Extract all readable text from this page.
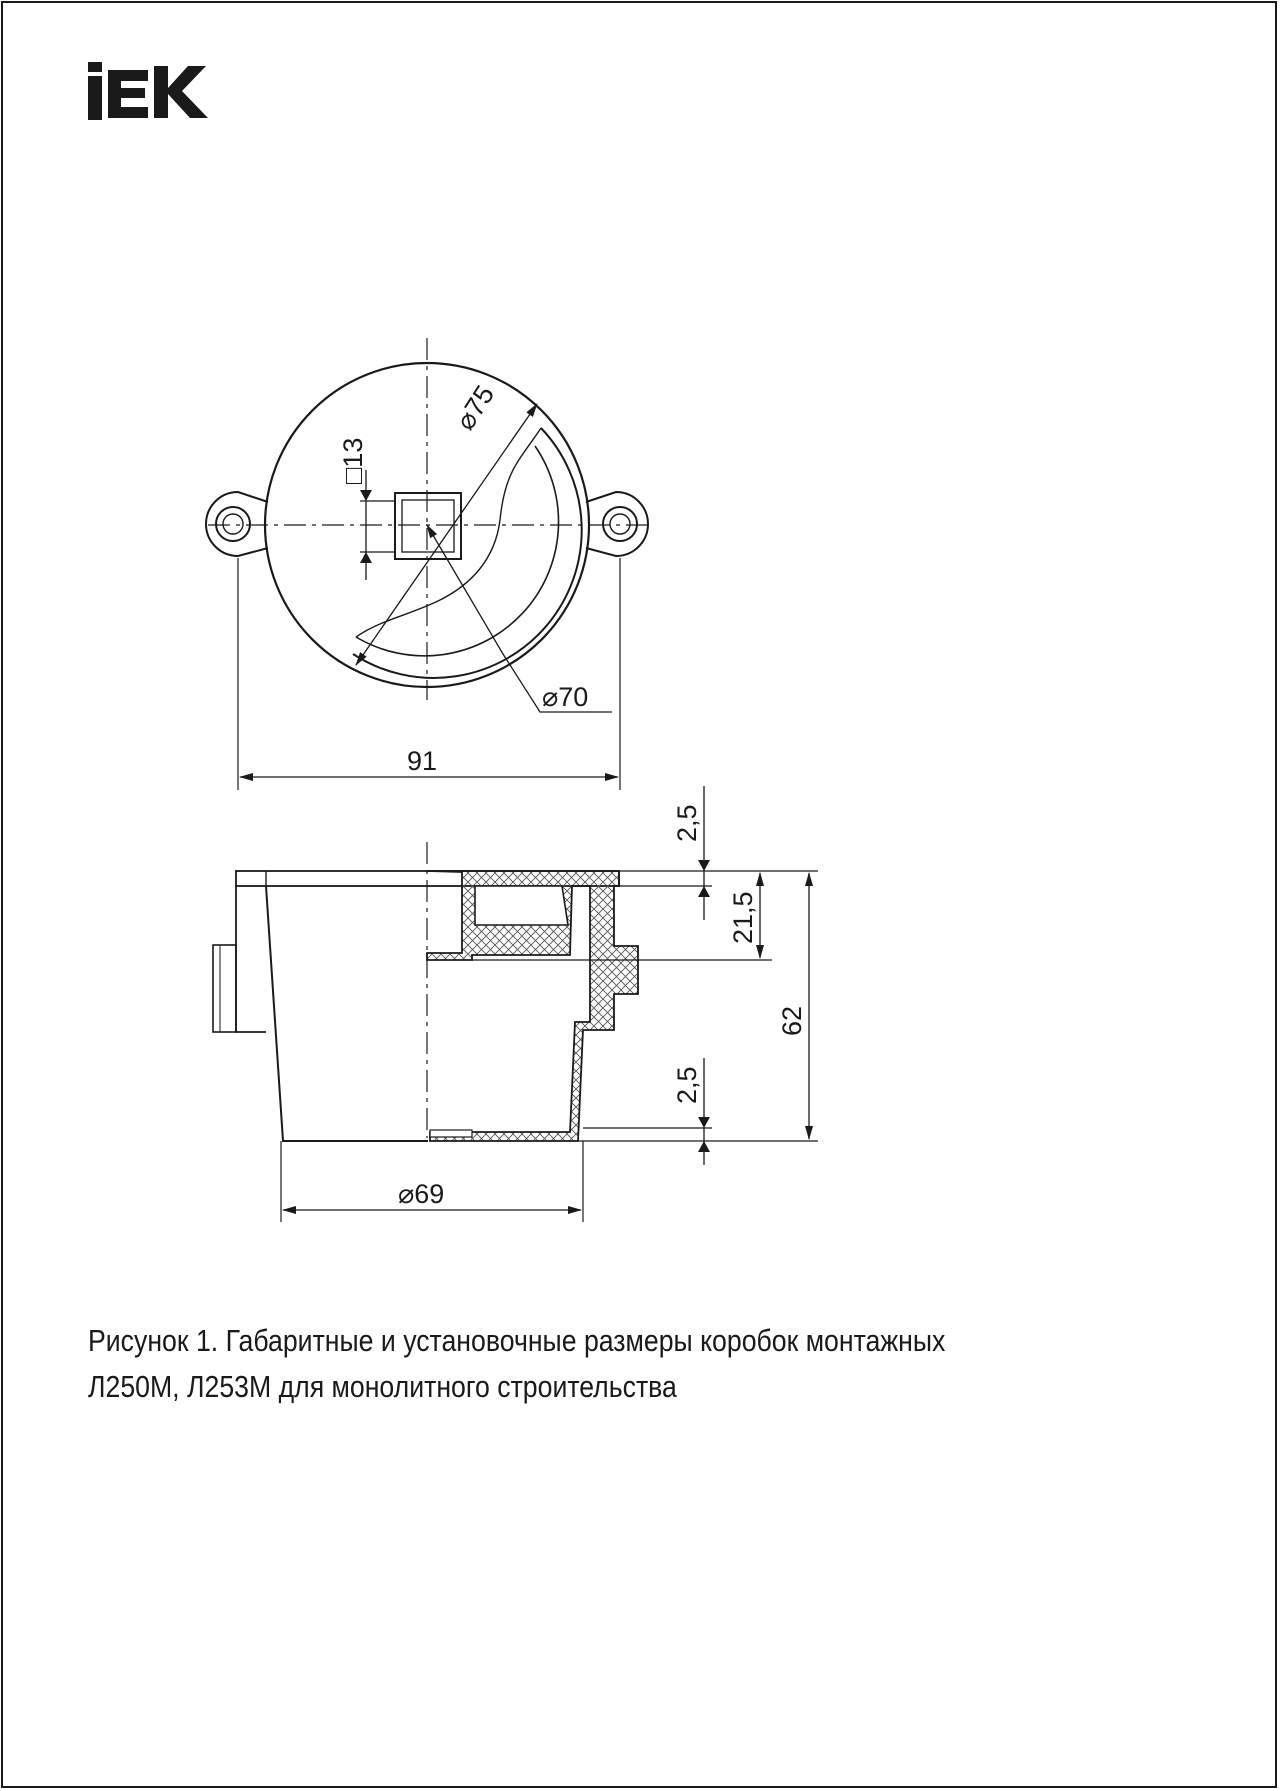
⌀75
⌀70
□13
91
2,5
21,5
62
2,5
⌀69
Рисунок 1. Габаритные и установочные размеры коробок монтажных
Л250М, Л253М для монолитного строительства
